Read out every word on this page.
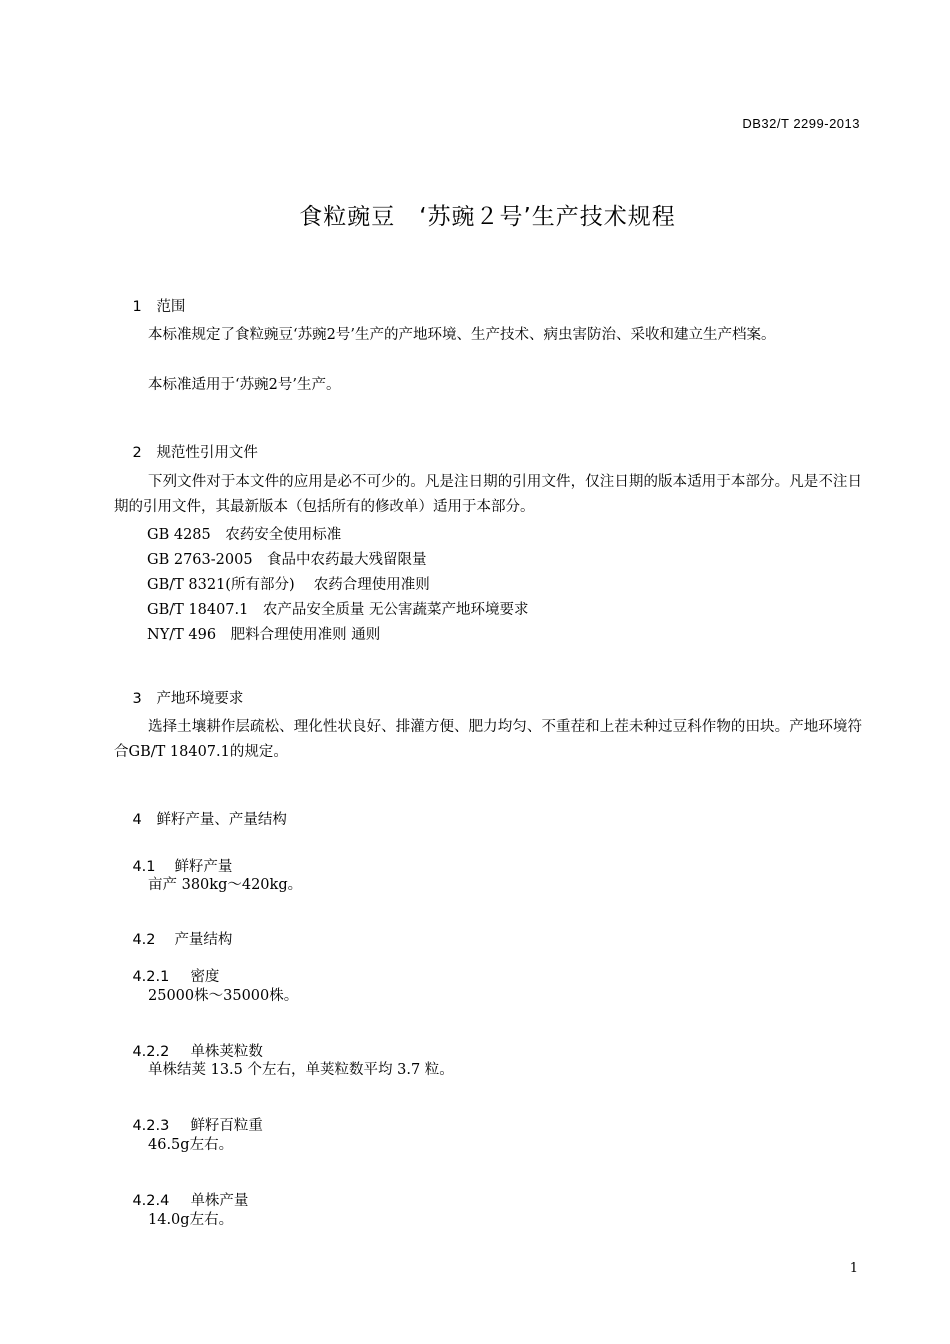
DB32/T 2299-2013
食粒豌豆　‘苏豌２号’生产技术规程

1 范围

本标准规定了食粒豌豆‘苏豌2号’生产的产地环境、生产技术、病虫害防治、采收和建立生产档案。
本标准适用于‘苏豌2号’生产。

2 规范性引用文件

下列文件对于本文件的应用是必不可少的。凡是注日期的引用文件，仅注日期的版本适用于本部分。凡是不注日期的引用文件，其最新版本（包括所有的修改单）适用于本部分。
GB 4285　农药安全使用标准
GB 2763-2005　食品中农药最大残留限量
GB/T 8321(所有部分)　 农药合理使用准则
GB/T 18407.1　农产品安全质量 无公害蔬菜产地环境要求
NY/T 496　肥料合理使用准则 通则

3 产地环境要求

选择土壤耕作层疏松、理化性状良好、排灌方便、肥力均匀、不重茬和上茬未种过豆科作物的田块。产地环境符合GB/T 18407.1的规定。

4 鲜籽产量、产量结构

4.1 鲜籽产量

亩产 380kg～420kg。

4.2 产量结构

4.2.1 密度

25000株～35000株。

4.2.2 单株荚粒数

单株结荚 13.5 个左右，单荚粒数平均 3.7 粒。

4.2.3 鲜籽百粒重

46.5g左右。

4.2.4 单株产量

14.0g左右。
1
